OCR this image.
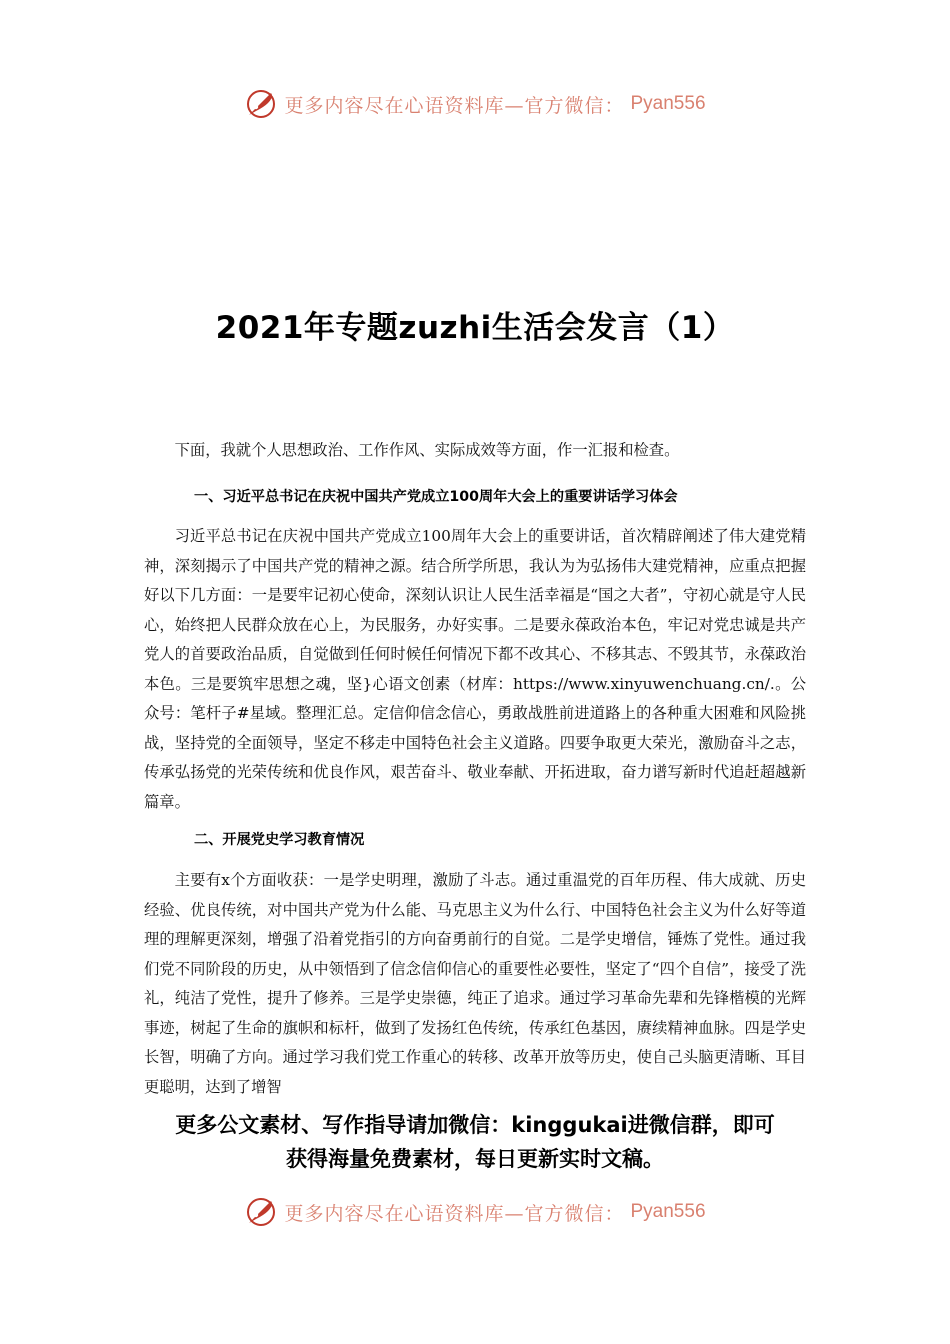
更多内容尽在心语资料库—官方微信： Pyan556
2021年专题zuzhi生活会发言（1）

下面，我就个人思想政治、工作作风、实际成效等方面，作一汇报和检查。

一、习近平总书记在庆祝中国共产党成立100周年大会上的重要讲话学习体会

习近平总书记在庆祝中国共产党成立100周年大会上的重要讲话，首次精辟阐述了伟大建党精神，深刻揭示了中国共产党的精神之源。结合所学所思，我认为为弘扬伟大建党精神，应重点把握好以下几方面：一是要牢记初心使命，深刻认识让人民生活幸福是“国之大者”，守初心就是守人民心，始终把人民群众放在心上，为民服务，办好实事。二是要永葆政治本色，牢记对党忠诚是共产党人的首要政治品质，自觉做到任何时候任何情况下都不改其心、不移其志、不毁其节，永葆政治本色。三是要筑牢思想之魂，坚}心语文创素（材库：https://www.xinyuwenchuang.cn/.。公众号：笔杆子#星域。整理汇总。定信仰信念信心，勇敢战胜前进道路上的各种重大困难和风险挑战，坚持党的全面领导，坚定不移走中国特色社会主义道路。四要争取更大荣光，激励奋斗之志，传承弘扬党的光荣传统和优良作风，艰苦奋斗、敬业奉献、开拓进取，奋力谱写新时代追赶超越新篇章。

二、开展党史学习教育情况

主要有x个方面收获：一是学史明理，激励了斗志。通过重温党的百年历程、伟大成就、历史经验、优良传统，对中国共产党为什么能、马克思主义为什么行、中国特色社会主义为什么好等道理的理解更深刻，增强了沿着党指引的方向奋勇前行的自觉。二是学史增信，锤炼了党性。通过我们党不同阶段的历史，从中领悟到了信念信仰信心的重要性必要性，坚定了“四个自信”，接受了洗礼，纯洁了党性，提升了修养。三是学史崇德，纯正了追求。通过学习革命先辈和先锋楷模的光辉事迹，树起了生命的旗帜和标杆，做到了发扬红色传统，传承红色基因，赓续精神血脉。四是学史长智，明确了方向。通过学习我们党工作重心的转移、改革开放等历史，使自己头脑更清晰、耳目更聪明，达到了增智

更多公文素材、写作指导请加微信：kinggukai进微信群，即可
获得海量免费素材，每日更新实时文稿。
更多内容尽在心语资料库—官方微信： Pyan556
